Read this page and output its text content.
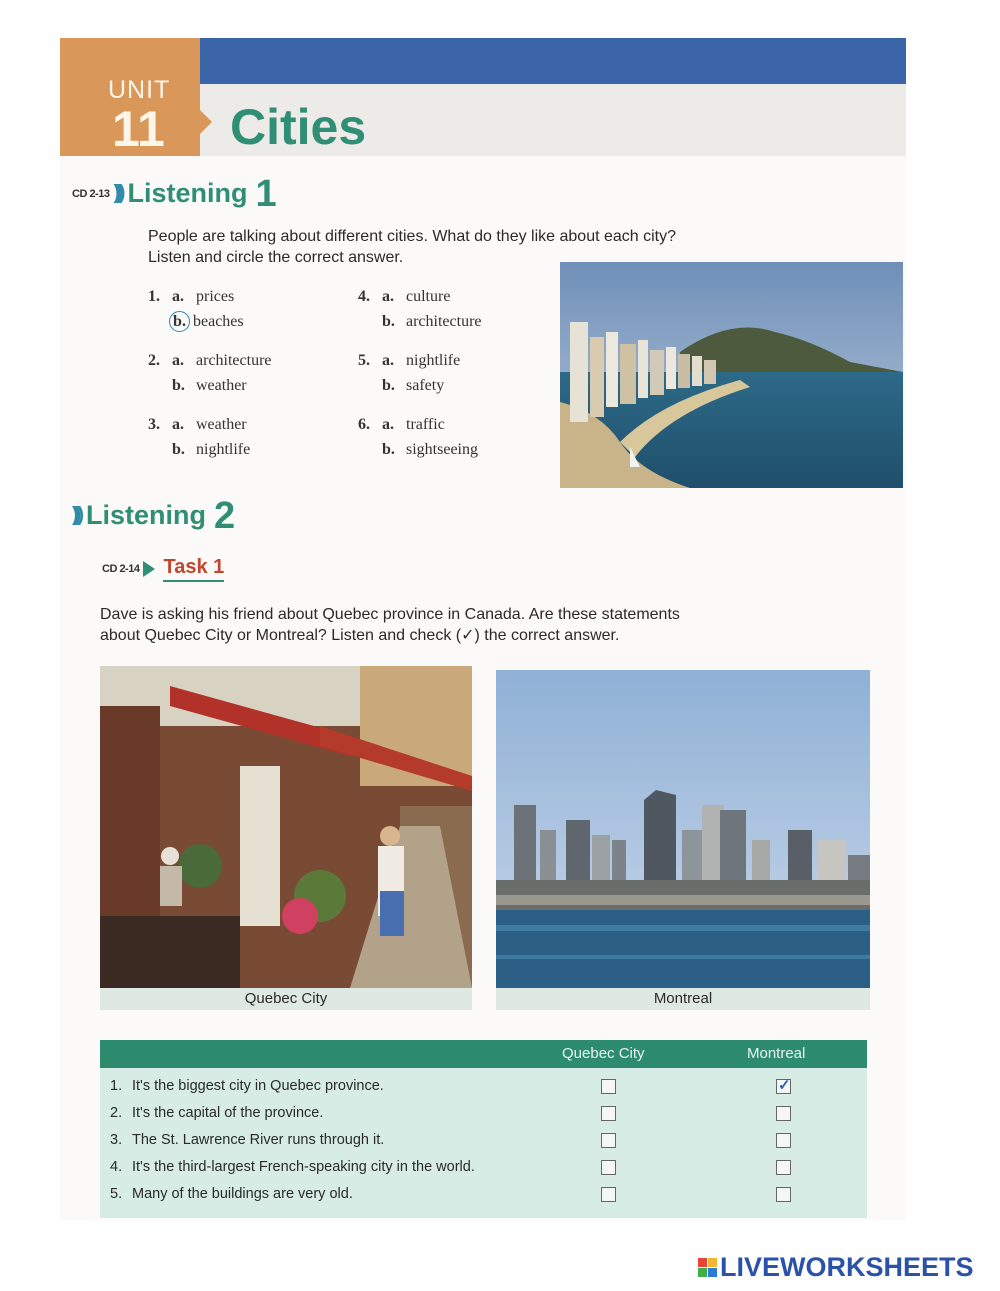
UNIT
11 Cities
CD 2-13 ))) Listening 1
People are talking about different cities. What do they like about each city?
Listen and circle the correct answer.
1. a. prices
b. beaches
2. a. architecture
b. weather
3. a. weather
b. nightlife
4. a. culture
b. architecture
5. a. nightlife
b. safety
6. a. traffic
b. sightseeing
))) Listening 2
CD 2-14 Task 1
Dave is asking his friend about Quebec province in Canada. Are these statements
about Quebec City or Montreal? Listen and check (✓) the correct answer.
Quebec City	Montreal
Quebec City	Montreal
1. It's the biggest city in Quebec province.
✓
2. It's the capital of the province.
3. The St. Lawrence River runs through it.
4. It's the third-largest French-speaking city in the world.
5. Many of the buildings are very old.
LIVEWORKSHEETS
